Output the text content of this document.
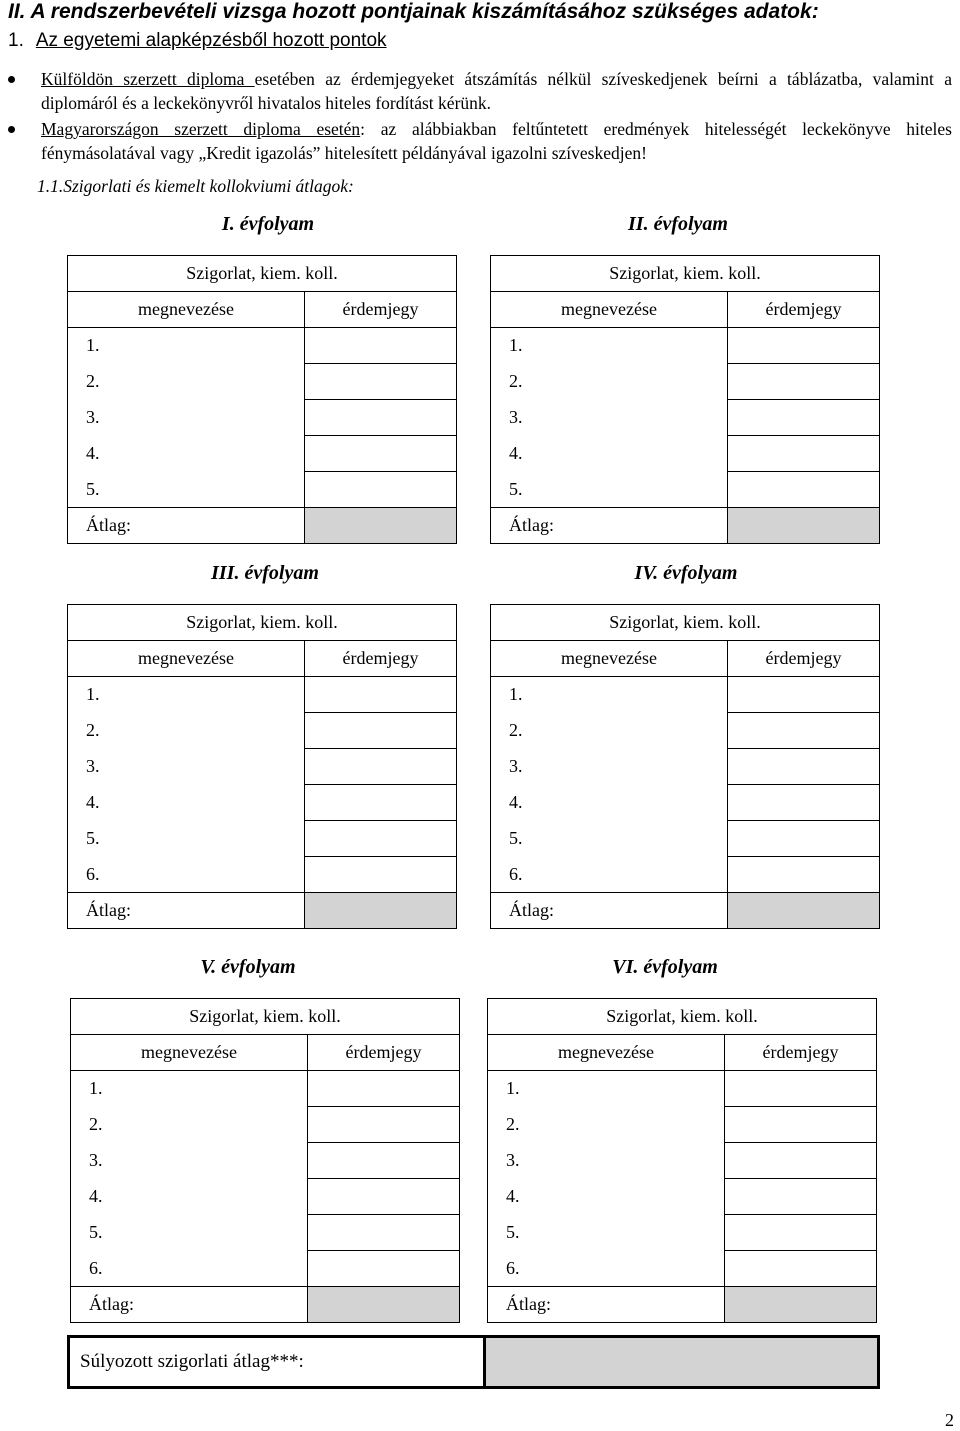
II. A rendszerbevételi vizsga hozott pontjainak kiszámításához szükséges adatok:
1. Az egyetemi alapképzésből hozott pontok
Külföldön szerzett diploma esetében az érdemjegyeket átszámítás nélkül szíveskedjenek beírni a táblázatba, valamint a diplomáról és a leckekönyvről hivatalos hiteles fordítást kérünk.
Magyarországon szerzett diploma esetén: az alábbiakban feltűntetett eredmények hitelességét leckekönyve hiteles fénymásolatával vagy „Kredit igazolás” hitelesített példányával igazolni szíveskedjen!
1.1.Szigorlati és kiemelt kollokviumi átlagok:
I. évfolyam
Szigorlat, kiem. koll.	
megnevezése	érdemjegy
1.	
2.	
3.	
4.	
5.	
Átlag:	
II. évfolyam
Szigorlat, kiem. koll.	
megnevezése	érdemjegy
1.	
2.	
3.	
4.	
5.	
Átlag:	
III. évfolyam
Szigorlat, kiem. koll.	
megnevezése	érdemjegy
1.	
2.	
3.	
4.	
5.	
6.	
Átlag:	
IV. évfolyam
Szigorlat, kiem. koll.	
megnevezése	érdemjegy
1.	
2.	
3.	
4.	
5.	
6.	
Átlag:	
V. évfolyam
Szigorlat, kiem. koll.	
megnevezése	érdemjegy
1.	
2.	
3.	
4.	
5.	
6.	
Átlag:	
VI. évfolyam
Szigorlat, kiem. koll.	
megnevezése	érdemjegy
1.	
2.	
3.	
4.	
5.	
6.	
Átlag:	
Súlyozott szigorlati átlag***:	
2
